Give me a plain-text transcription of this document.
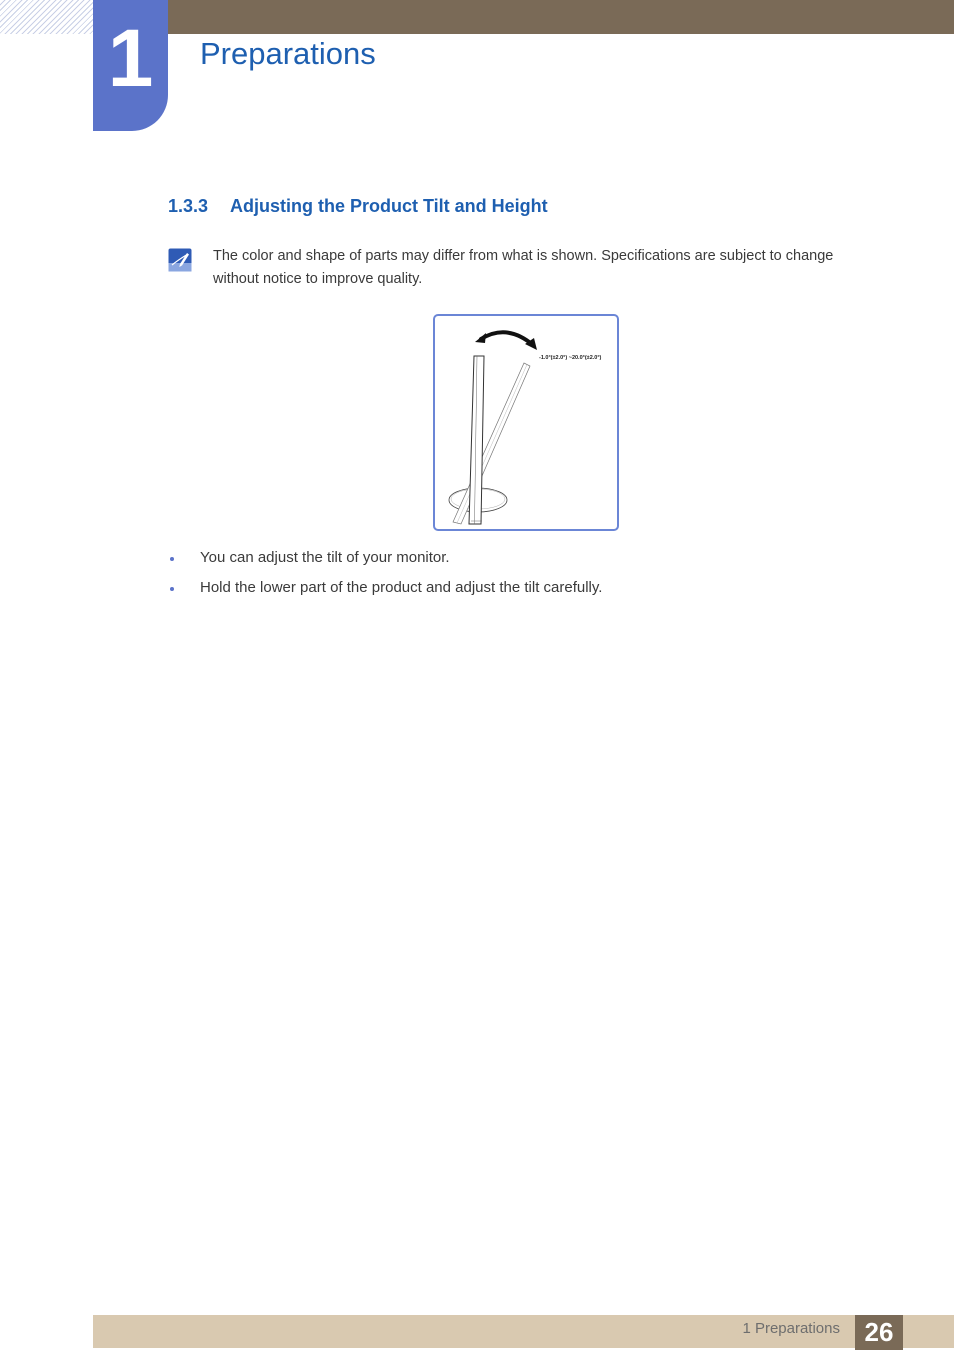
1	Preparations
1.3.3 Adjusting the Product Tilt and Height
The color and shape of parts may differ from what is shown. Specifications are subject to change without notice to improve quality.
-1.0°(±2.0°) ~20.0°(±2.0°)
You can adjust the tilt of your monitor.
Hold the lower part of the product and adjust the tilt carefully.
1 Preparations 26
